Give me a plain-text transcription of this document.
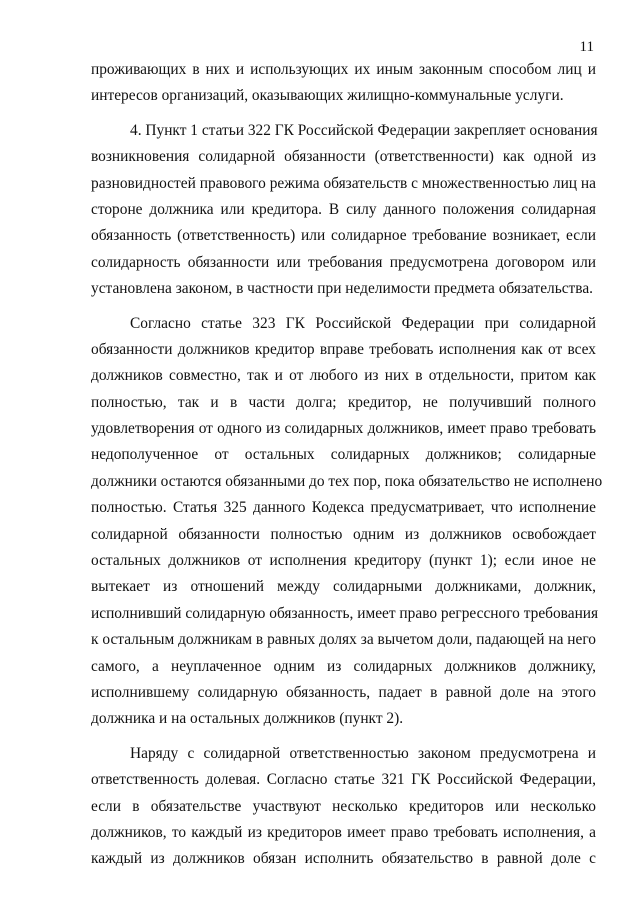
11
проживающих в них и использующих их иным законным способом лиц и
интересов организаций, оказывающих жилищно-коммунальные услуги.
4. Пункт 1 статьи 322 ГК Российской Федерации закрепляет основания
возникновения солидарной обязанности (ответственности) как одной из
разновидностей правового режима обязательств с множественностью лиц на
стороне должника или кредитора. В силу данного положения солидарная
обязанность (ответственность) или солидарное требование возникает, если
солидарность обязанности или требования предусмотрена договором или
установлена законом, в частности при неделимости предмета обязательства.
Согласно статье 323 ГК Российской Федерации при солидарной
обязанности должников кредитор вправе требовать исполнения как от всех
должников совместно, так и от любого из них в отдельности, притом как
полностью, так и в части долга; кредитор, не получивший полного
удовлетворения от одного из солидарных должников, имеет право требовать
недополученное от остальных солидарных должников; солидарные
должники остаются обязанными до тех пор, пока обязательство не исполнено
полностью. Статья 325 данного Кодекса предусматривает, что исполнение
солидарной обязанности полностью одним из должников освобождает
остальных должников от исполнения кредитору (пункт 1); если иное не
вытекает из отношений между солидарными должниками, должник,
исполнивший солидарную обязанность, имеет право регрессного требования
к остальным должникам в равных долях за вычетом доли, падающей на него
самого, а неуплаченное одним из солидарных должников должнику,
исполнившему солидарную обязанность, падает в равной доле на этого
должника и на остальных должников (пункт 2).
Наряду с солидарной ответственностью законом предусмотрена и
ответственность долевая. Согласно статье 321 ГК Российской Федерации,
если в обязательстве участвуют несколько кредиторов или несколько
должников, то каждый из кредиторов имеет право требовать исполнения, а
каждый из должников обязан исполнить обязательство в равной доле с
